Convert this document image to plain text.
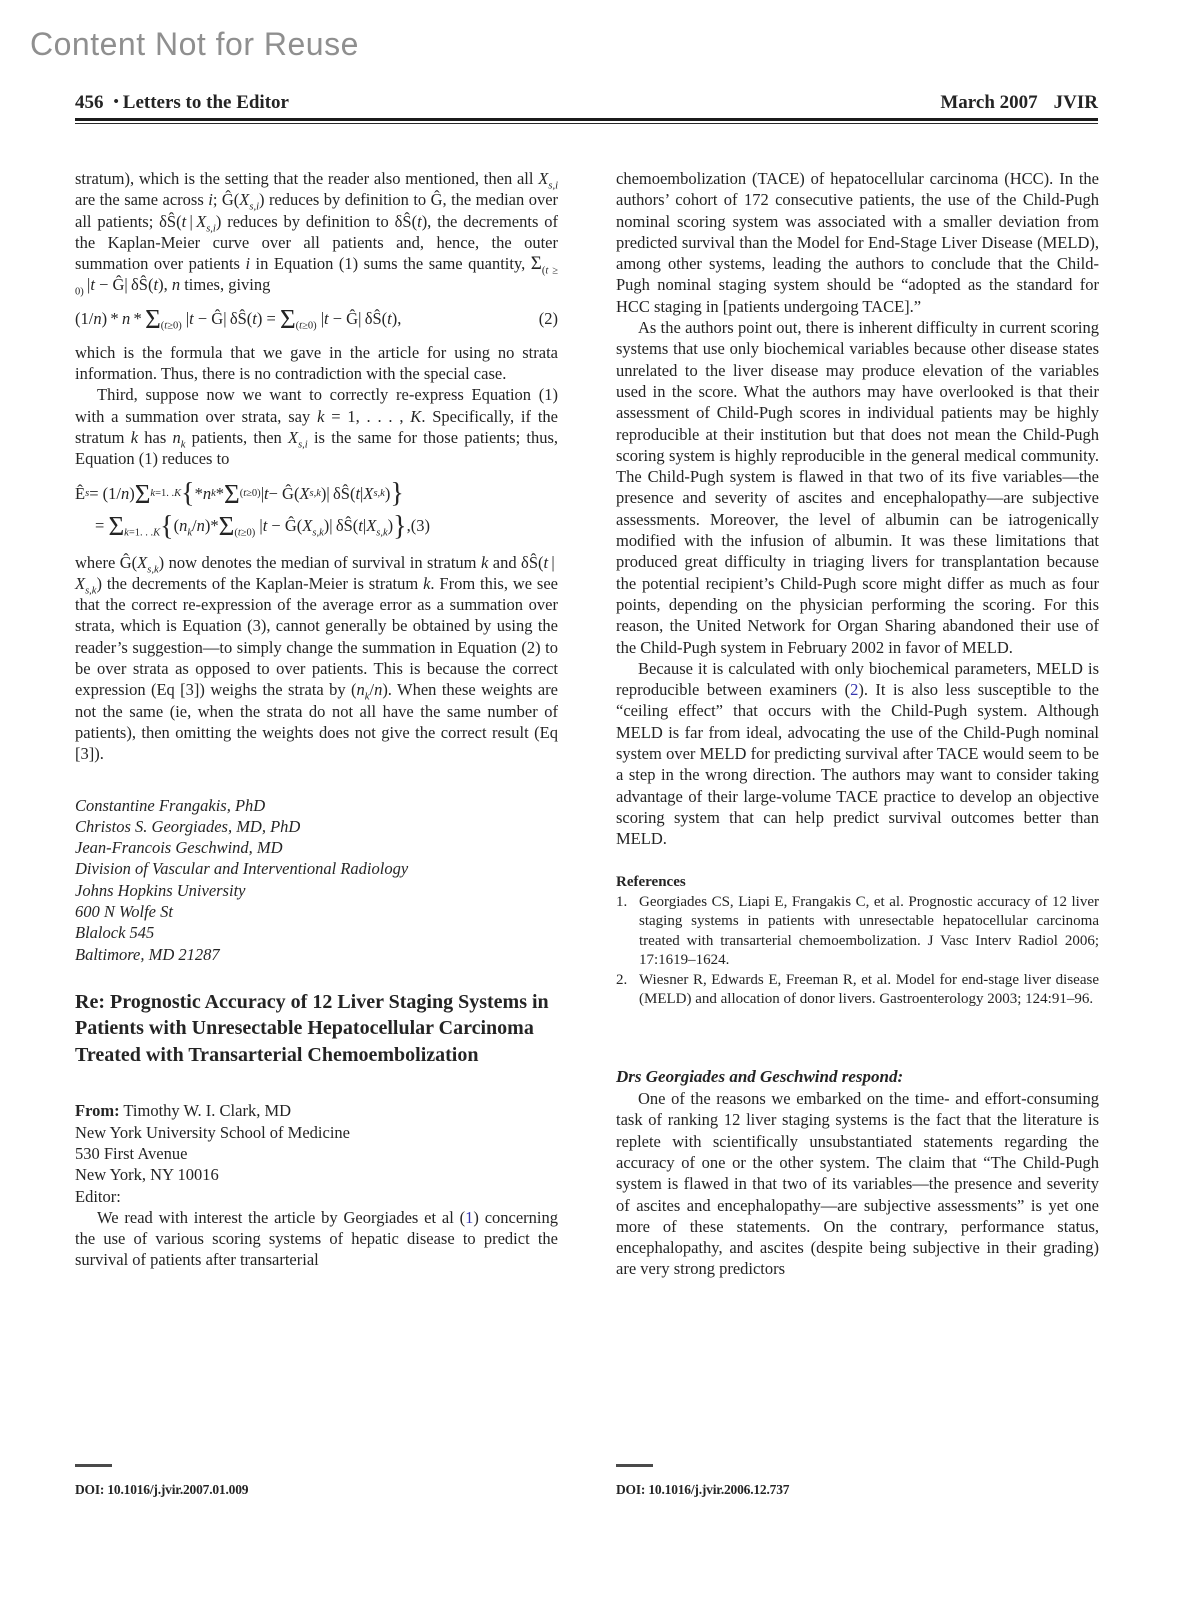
Content Not for Reuse
456 • Letters to the Editor	March 2007 JVIR

stratum), which is the setting that the reader also mentioned, then all $X_{s,i}$ are the same across i; $Ĝ(X_{s,i})$ reduces by definition to Ĝ, the median over all patients; δŜ(t | $X_{s,i}$) reduces by definition to δŜ(t), the decrements of the Kaplan-Meier curve over all patients and, hence, the outer summation over patients i in Equation (1) sums the same quantity, $\Sigma_{(t \ge 0)}$ |t − Ĝ| δŜ(t), n times, giving

(1/n) * n * $\Sigma_{(t\ge 0)}$ |t − Ĝ| δŜ(t) = $\Sigma_{(t\ge 0)}$ |t − Ĝ| δŜ(t),	(2)

which is the formula that we gave in the article for using no strata information. Thus, there is no contradiction with the special case.

Third, suppose now we want to correctly re-express Equation (1) with a summation over strata, say k = 1, . . . , K. Specifically, if the stratum k has $n_k$ patients, then $X_{s,i}$ is the same for those patients; thus, Equation (1) reduces to

Ê s = (1/ n ) Σ k=1. .K { * n k * Σ (t≥0) | t − Ĝ( X s,k )| δŜ( t | X s,k ) }
= $\Sigma_{k=1. . .K}\{(n_k/n)*\Sigma_{(t\ge 0)}$ $|t - Ĝ(X_{s,k})|$ $\delta Ŝ(t|X_{s,k})$}, (3)

where $Ĝ(X_{s,k})$ now denotes the median of survival in stratum k and δŜ(t | $X_{s,k}$) the decrements of the Kaplan-Meier is stratum k. From this, we see that the correct re-expression of the average error as a summation over strata, which is Equation (3), cannot generally be obtained by using the reader’s suggestion—to simply change the summation in Equation (2) to be over strata as opposed to over patients. This is because the correct expression (Eq [3]) weighs the strata by $(n_k/n)$. When these weights are not the same (ie, when the strata do not all have the same number of patients), then omitting the weights does not give the correct result (Eq [3]).

Constantine Frangakis, PhD

Christos S. Georgiades, MD, PhD

Jean-Francois Geschwind, MD

Division of Vascular and Interventional Radiology

Johns Hopkins University

600 N Wolfe St

Blalock 545

Baltimore, MD 21287

Re: Prognostic Accuracy of 12 Liver Staging Systems in Patients with Unresectable Hepatocellular Carcinoma Treated with Transarterial Chemoembolization

From: Timothy W. I. Clark, MD

New York University School of Medicine

530 First Avenue

New York, NY 10016

Editor:

We read with interest the article by Georgiades et al (1) concerning the use of various scoring systems of hepatic disease to predict the survival of patients after transarterial

chemoembolization (TACE) of hepatocellular carcinoma (HCC). In the authors’ cohort of 172 consecutive patients, the use of the Child-Pugh nominal scoring system was associated with a smaller deviation from predicted survival than the Model for End-Stage Liver Disease (MELD), among other systems, leading the authors to conclude that the Child-Pugh nominal staging system should be “adopted as the standard for HCC staging in [patients undergoing TACE].”

As the authors point out, there is inherent difficulty in current scoring systems that use only biochemical variables because other disease states unrelated to the liver disease may produce elevation of the variables used in the score. What the authors may have overlooked is that their assessment of Child-Pugh scores in individual patients may be highly reproducible at their institution but that does not mean the Child-Pugh scoring system is highly reproducible in the general medical community. The Child-Pugh system is flawed in that two of its five variables—the presence and severity of ascites and encephalopathy—are subjective assessments. Moreover, the level of albumin can be iatrogenically modified with the infusion of albumin. It was these limitations that produced great difficulty in triaging livers for transplantation because the potential recipient’s Child-Pugh score might differ as much as four points, depending on the physician performing the scoring. For this reason, the United Network for Organ Sharing abandoned their use of the Child-Pugh system in February 2002 in favor of MELD.

Because it is calculated with only biochemical parameters, MELD is reproducible between examiners (2). It is also less susceptible to the “ceiling effect” that occurs with the Child-Pugh system. Although MELD is far from ideal, advocating the use of the Child-Pugh nominal system over MELD for predicting survival after TACE would seem to be a step in the wrong direction. The authors may want to consider taking advantage of their large-volume TACE practice to develop an objective scoring system that can help predict survival outcomes better than MELD.

References

1. Georgiades CS, Liapi E, Frangakis C, et al. Prognostic accuracy of 12 liver staging systems in patients with unresectable hepatocellular carcinoma treated with transarterial chemoembolization. J Vasc Interv Radiol 2006; 17:1619–1624.
2. Wiesner R, Edwards E, Freeman R, et al. Model for end-stage liver disease (MELD) and allocation of donor livers. Gastroenterology 2003; 124:91–96.

Drs Georgiades and Geschwind respond:

One of the reasons we embarked on the time- and effort-consuming task of ranking 12 liver staging systems is the fact that the literature is replete with scientifically unsubstantiated statements regarding the accuracy of one or the other system. The claim that “The Child-Pugh system is flawed in that two of its variables—the presence and severity of ascites and encephalopathy—are subjective assessments” is yet one more of these statements. On the contrary, performance status, encephalopathy, and ascites (despite being subjective in their grading) are very strong predictors

DOI: 10.1016/j.jvir.2007.01.009	DOI: 10.1016/j.jvir.2006.12.737
